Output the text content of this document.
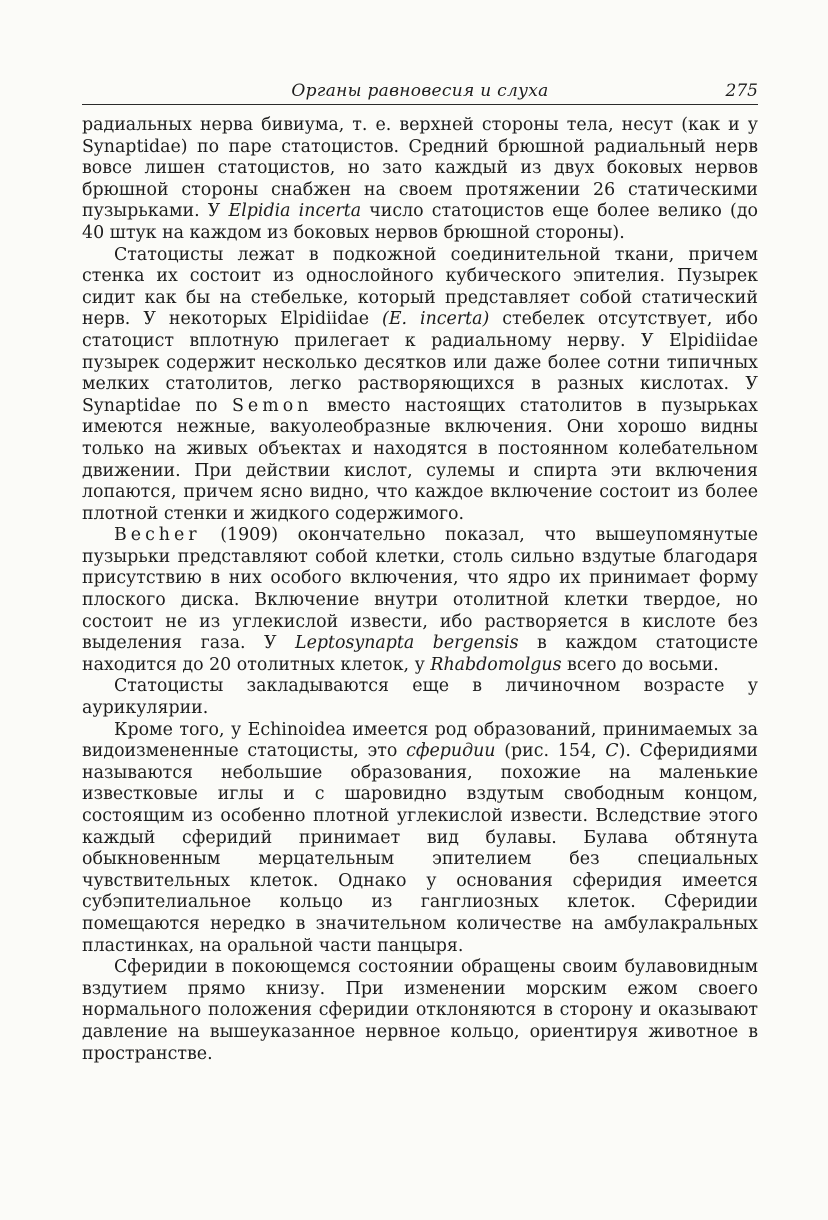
Органы равновесия и слуха	275

радиальных нерва бивиума, т. е. верхней стороны тела, несут (как и у Synaptidae) по паре статоцистов. Средний брюшной радиальный нерв вовсе лишен статоцистов, но зато каждый из двух боковых нервов брюшной стороны снабжен на своем протяжении 26 статическими пузырьками. У Elpidia incerta число статоцистов еще более велико (до 40 штук на каждом из боковых нервов брюшной стороны).

Статоцисты лежат в подкожной соединительной ткани, причем стенка их состоит из однослойного кубического эпителия. Пузырек сидит как бы на стебельке, который представляет собой статический нерв. У некоторых Elpidiidae (E. incerta) стебелек отсутствует, ибо статоцист вплотную прилегает к радиальному нерву. У Elpidiidae пузырек содержит несколько десятков или даже более сотни типичных мелких статолитов, легко растворяющихся в разных кислотах. У Synaptidae по Semon вместо настоящих статолитов в пузырьках имеются нежные, вакуолеобразные включения. Они хорошо видны только на живых объектах и находятся в постоянном колебательном движении. При действии кислот, сулемы и спирта эти включения лопаются, причем ясно видно, что каждое включение состоит из более плотной стенки и жидкого содержимого.

Becher (1909) окончательно показал, что вышеупомянутые пузырьки представляют собой клетки, столь сильно вздутые благодаря присутствию в них особого включения, что ядро их принимает форму плоского диска. Включение внутри отолитной клетки твердое, но состоит не из углекислой извести, ибо растворяется в кислоте без выделения газа. У Leptosynapta bergensis в каждом статоцисте находится до 20 отолитных клеток, у Rhabdomolgus всего до восьми.

Статоцисты закладываются еще в личиночном возрасте у аурикулярии.

Кроме того, у Echinoidea имеется род образований, принимаемых за видоизмененные статоцисты, это сферидии (рис. 154, C). Сферидиями называются небольшие образования, похожие на маленькие известковые иглы и с шаровидно вздутым свободным концом, состоящим из особенно плотной углекислой извести. Вследствие этого каждый сферидий принимает вид булавы. Булава обтянута обыкновенным мерцательным эпителием без специальных чувствительных клеток. Однако у основания сферидия имеется субэпителиальное кольцо из ганглиозных клеток. Сферидии помещаются нередко в значительном количестве на амбулакральных пластинках, на оральной части панцыря.

Сферидии в покоющемся состоянии обращены своим булавовидным вздутием прямо книзу. При изменении морским ежом своего нормального положения сферидии отклоняются в сторону и оказывают давление на вышеуказанное нервное кольцо, ориентируя животное в пространстве.
